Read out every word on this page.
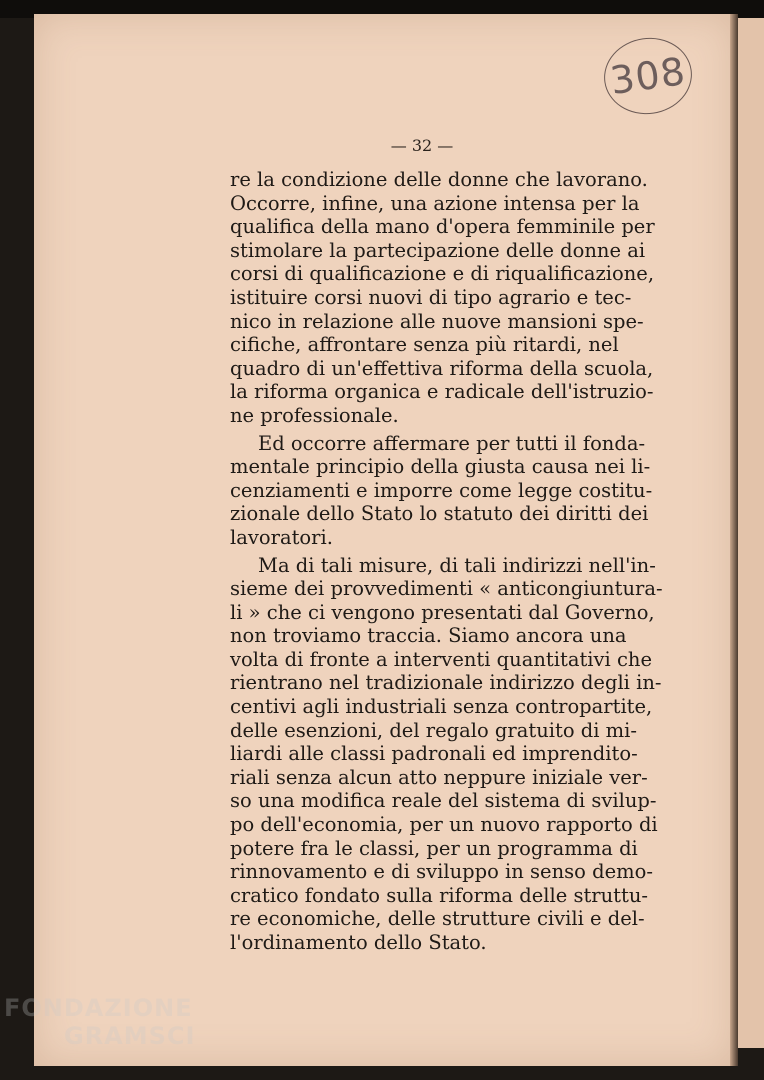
308
— 32 —

re la condizione delle donne che lavorano.
Occorre, infine, una azione intensa per la
qualifica della mano d'opera femminile per
stimolare la partecipazione delle donne ai
corsi di qualificazione e di riqualificazione,
istituire corsi nuovi di tipo agrario e tec-
nico in relazione alle nuove mansioni spe-
cifiche, affrontare senza più ritardi, nel
quadro di un'effettiva riforma della scuola,
la riforma organica e radicale dell'istruzio-
ne professionale.

Ed occorre affermare per tutti il fonda-
mentale principio della giusta causa nei li-
cenziamenti e imporre come legge costitu-
zionale dello Stato lo statuto dei diritti dei
lavoratori.

Ma di tali misure, di tali indirizzi nell'in-
sieme dei provvedimenti « anticongiuntura-
li » che ci vengono presentati dal Governo,
non troviamo traccia. Siamo ancora una
volta di fronte a interventi quantitativi che
rientrano nel tradizionale indirizzo degli in-
centivi agli industriali senza contropartite,
delle esenzioni, del regalo gratuito di mi-
liardi alle classi padronali ed imprendito-
riali senza alcun atto neppure iniziale ver-
so una modifica reale del sistema di svilup-
po dell'economia, per un nuovo rapporto di
potere fra le classi, per un programma di
rinnovamento e di sviluppo in senso demo-
cratico fondato sulla riforma delle struttu-
re economiche, delle strutture civili e del-
l'ordinamento dello Stato.

FONDAZIONE
GRAMSCI
